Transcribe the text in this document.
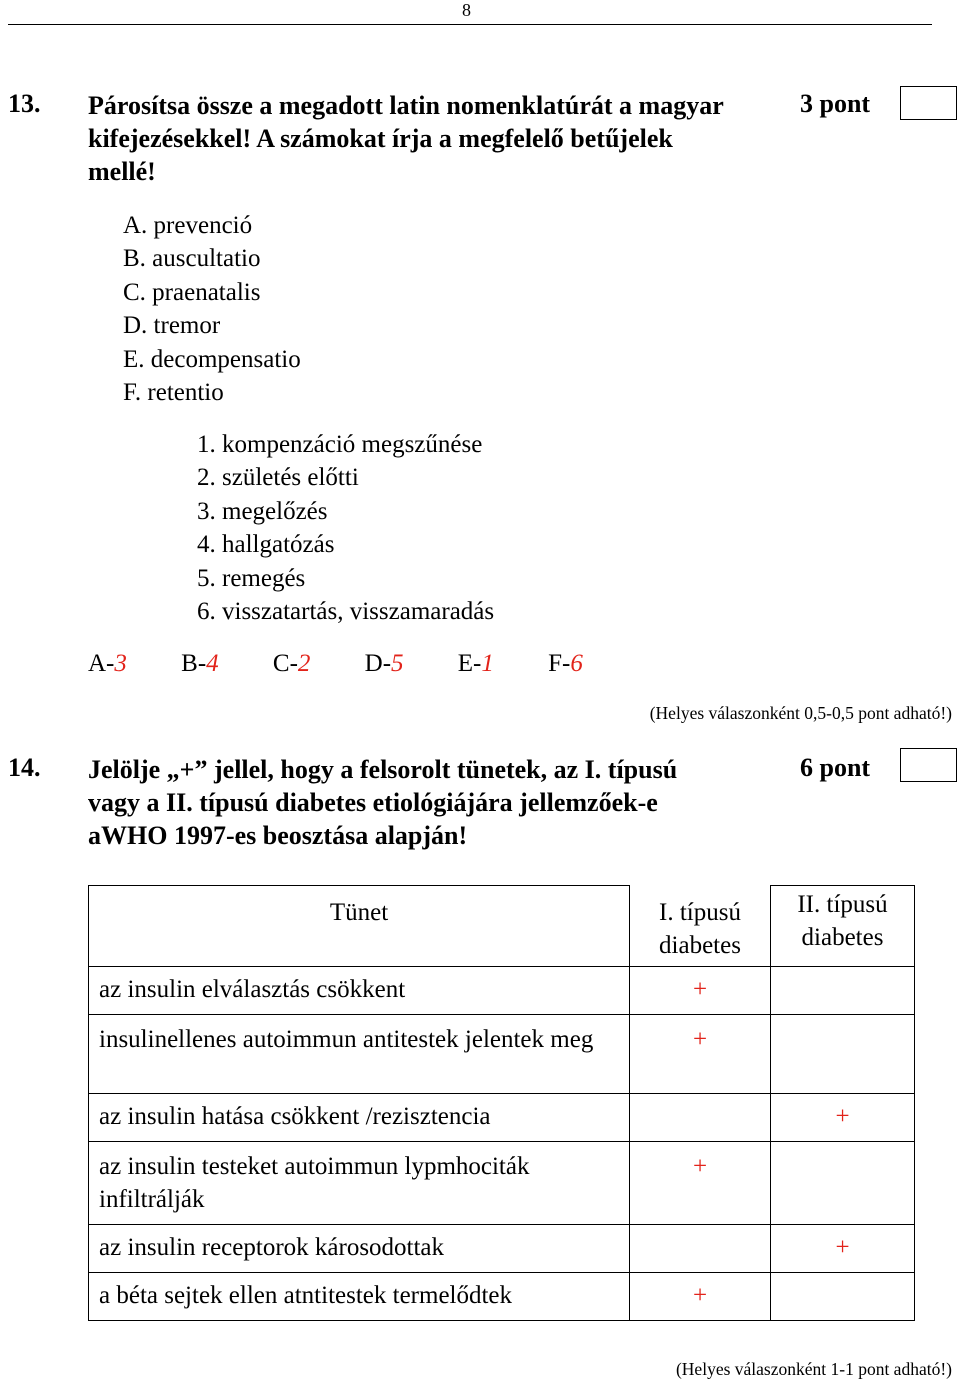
8
13. Párosítsa össze a megadott latin nomenklatúrát a magyar kifejezésekkel! A számokat írja a megfelelő betűjelek mellé!
3 pont
A. prevenció
B. auscultatio
C. praenatalis
D. tremor
E. decompensatio
F. retentio
1. kompenzáció megszűnése
2. születés előtti
3. megelőzés
4. hallgatózás
5. remegés
6. visszatartás, visszamaradás
A-3 B-4 C-2 D-5 E-1 F-6
(Helyes válaszonként 0,5-0,5 pont adható!)
14. Jelölje „+” jellel, hogy a felsorolt tünetek, az I. típusú vagy a II. típusú diabetes etiológiájára jellemzőek-e aWHO 1997-es beosztása alapján!
6 pont
Tünet	I. típusú diabetes	II. típusú diabetes

az insulin elválasztás csökkent	+	

insulinellenes autoimmun antitestek jelentek meg	+	

az insulin hatása csökkent /rezisztencia		+

az insulin testeket autoimmun lypmhociták infiltrálják	+	

az insulin receptorok károsodottak		+

a béta sejtek ellen atntitestek termelődtek	+	

(Helyes válaszonként 1-1 pont adható!)
